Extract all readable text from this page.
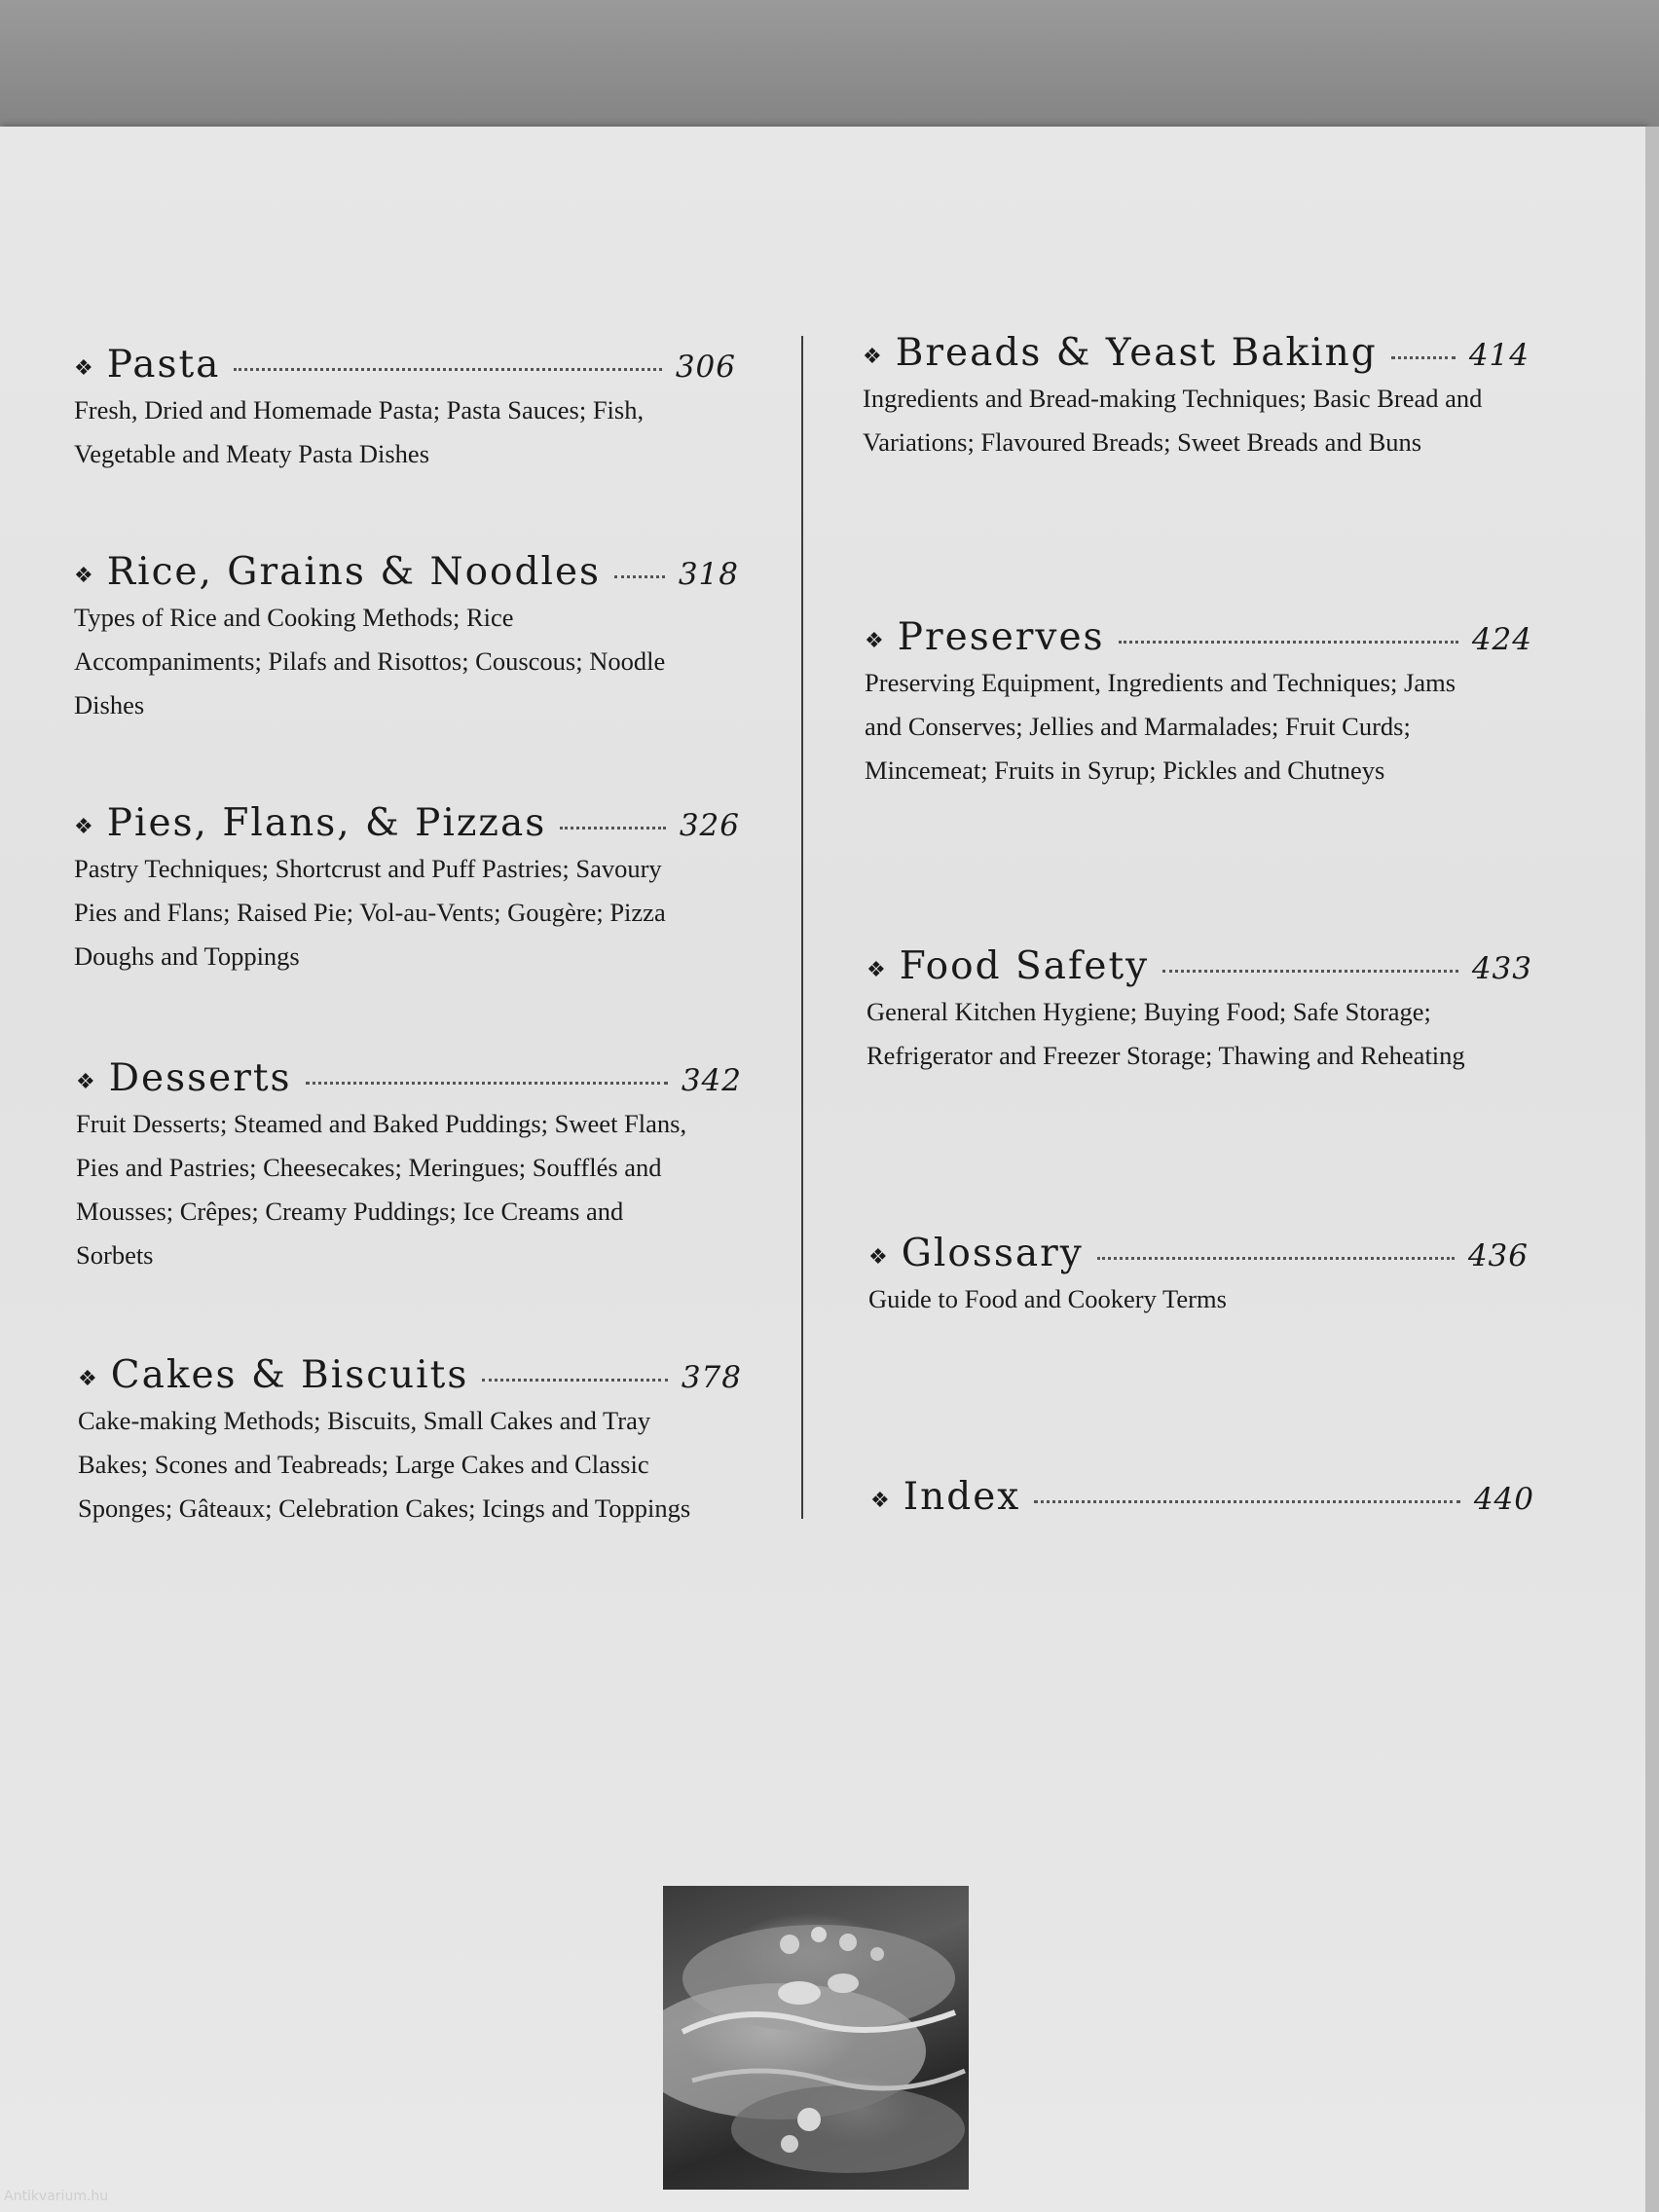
❖ Pasta	306
Fresh, Dried and Homemade Pasta; Pasta Sauces; Fish,
Vegetable and Meaty Pasta Dishes
❖ Rice, Grains & Noodles	318
Types of Rice and Cooking Methods; Rice
Accompaniments; Pilafs and Risottos; Couscous; Noodle
Dishes
❖ Pies, Flans, & Pizzas	326
Pastry Techniques; Shortcrust and Puff Pastries; Savoury
Pies and Flans; Raised Pie; Vol-au-Vents; Gougère; Pizza
Doughs and Toppings
❖ Desserts	342
Fruit Desserts; Steamed and Baked Puddings; Sweet Flans,
Pies and Pastries; Cheesecakes; Meringues; Soufflés and
Mousses; Crêpes; Creamy Puddings; Ice Creams and
Sorbets
❖ Cakes & Biscuits	378
Cake-making Methods; Biscuits, Small Cakes and Tray
Bakes; Scones and Teabreads; Large Cakes and Classic
Sponges; Gâteaux; Celebration Cakes; Icings and Toppings
❖ Breads & Yeast Baking	414
Ingredients and Bread-making Techniques; Basic Bread and
Variations; Flavoured Breads; Sweet Breads and Buns
❖ Preserves	424
Preserving Equipment, Ingredients and Techniques; Jams
and Conserves; Jellies and Marmalades; Fruit Curds;
Mincemeat; Fruits in Syrup; Pickles and Chutneys
❖ Food Safety	433
General Kitchen Hygiene; Buying Food; Safe Storage;
Refrigerator and Freezer Storage; Thawing and Reheating
❖ Glossary	436
Guide to Food and Cookery Terms
❖ Index	440
Antikvarium.hu
